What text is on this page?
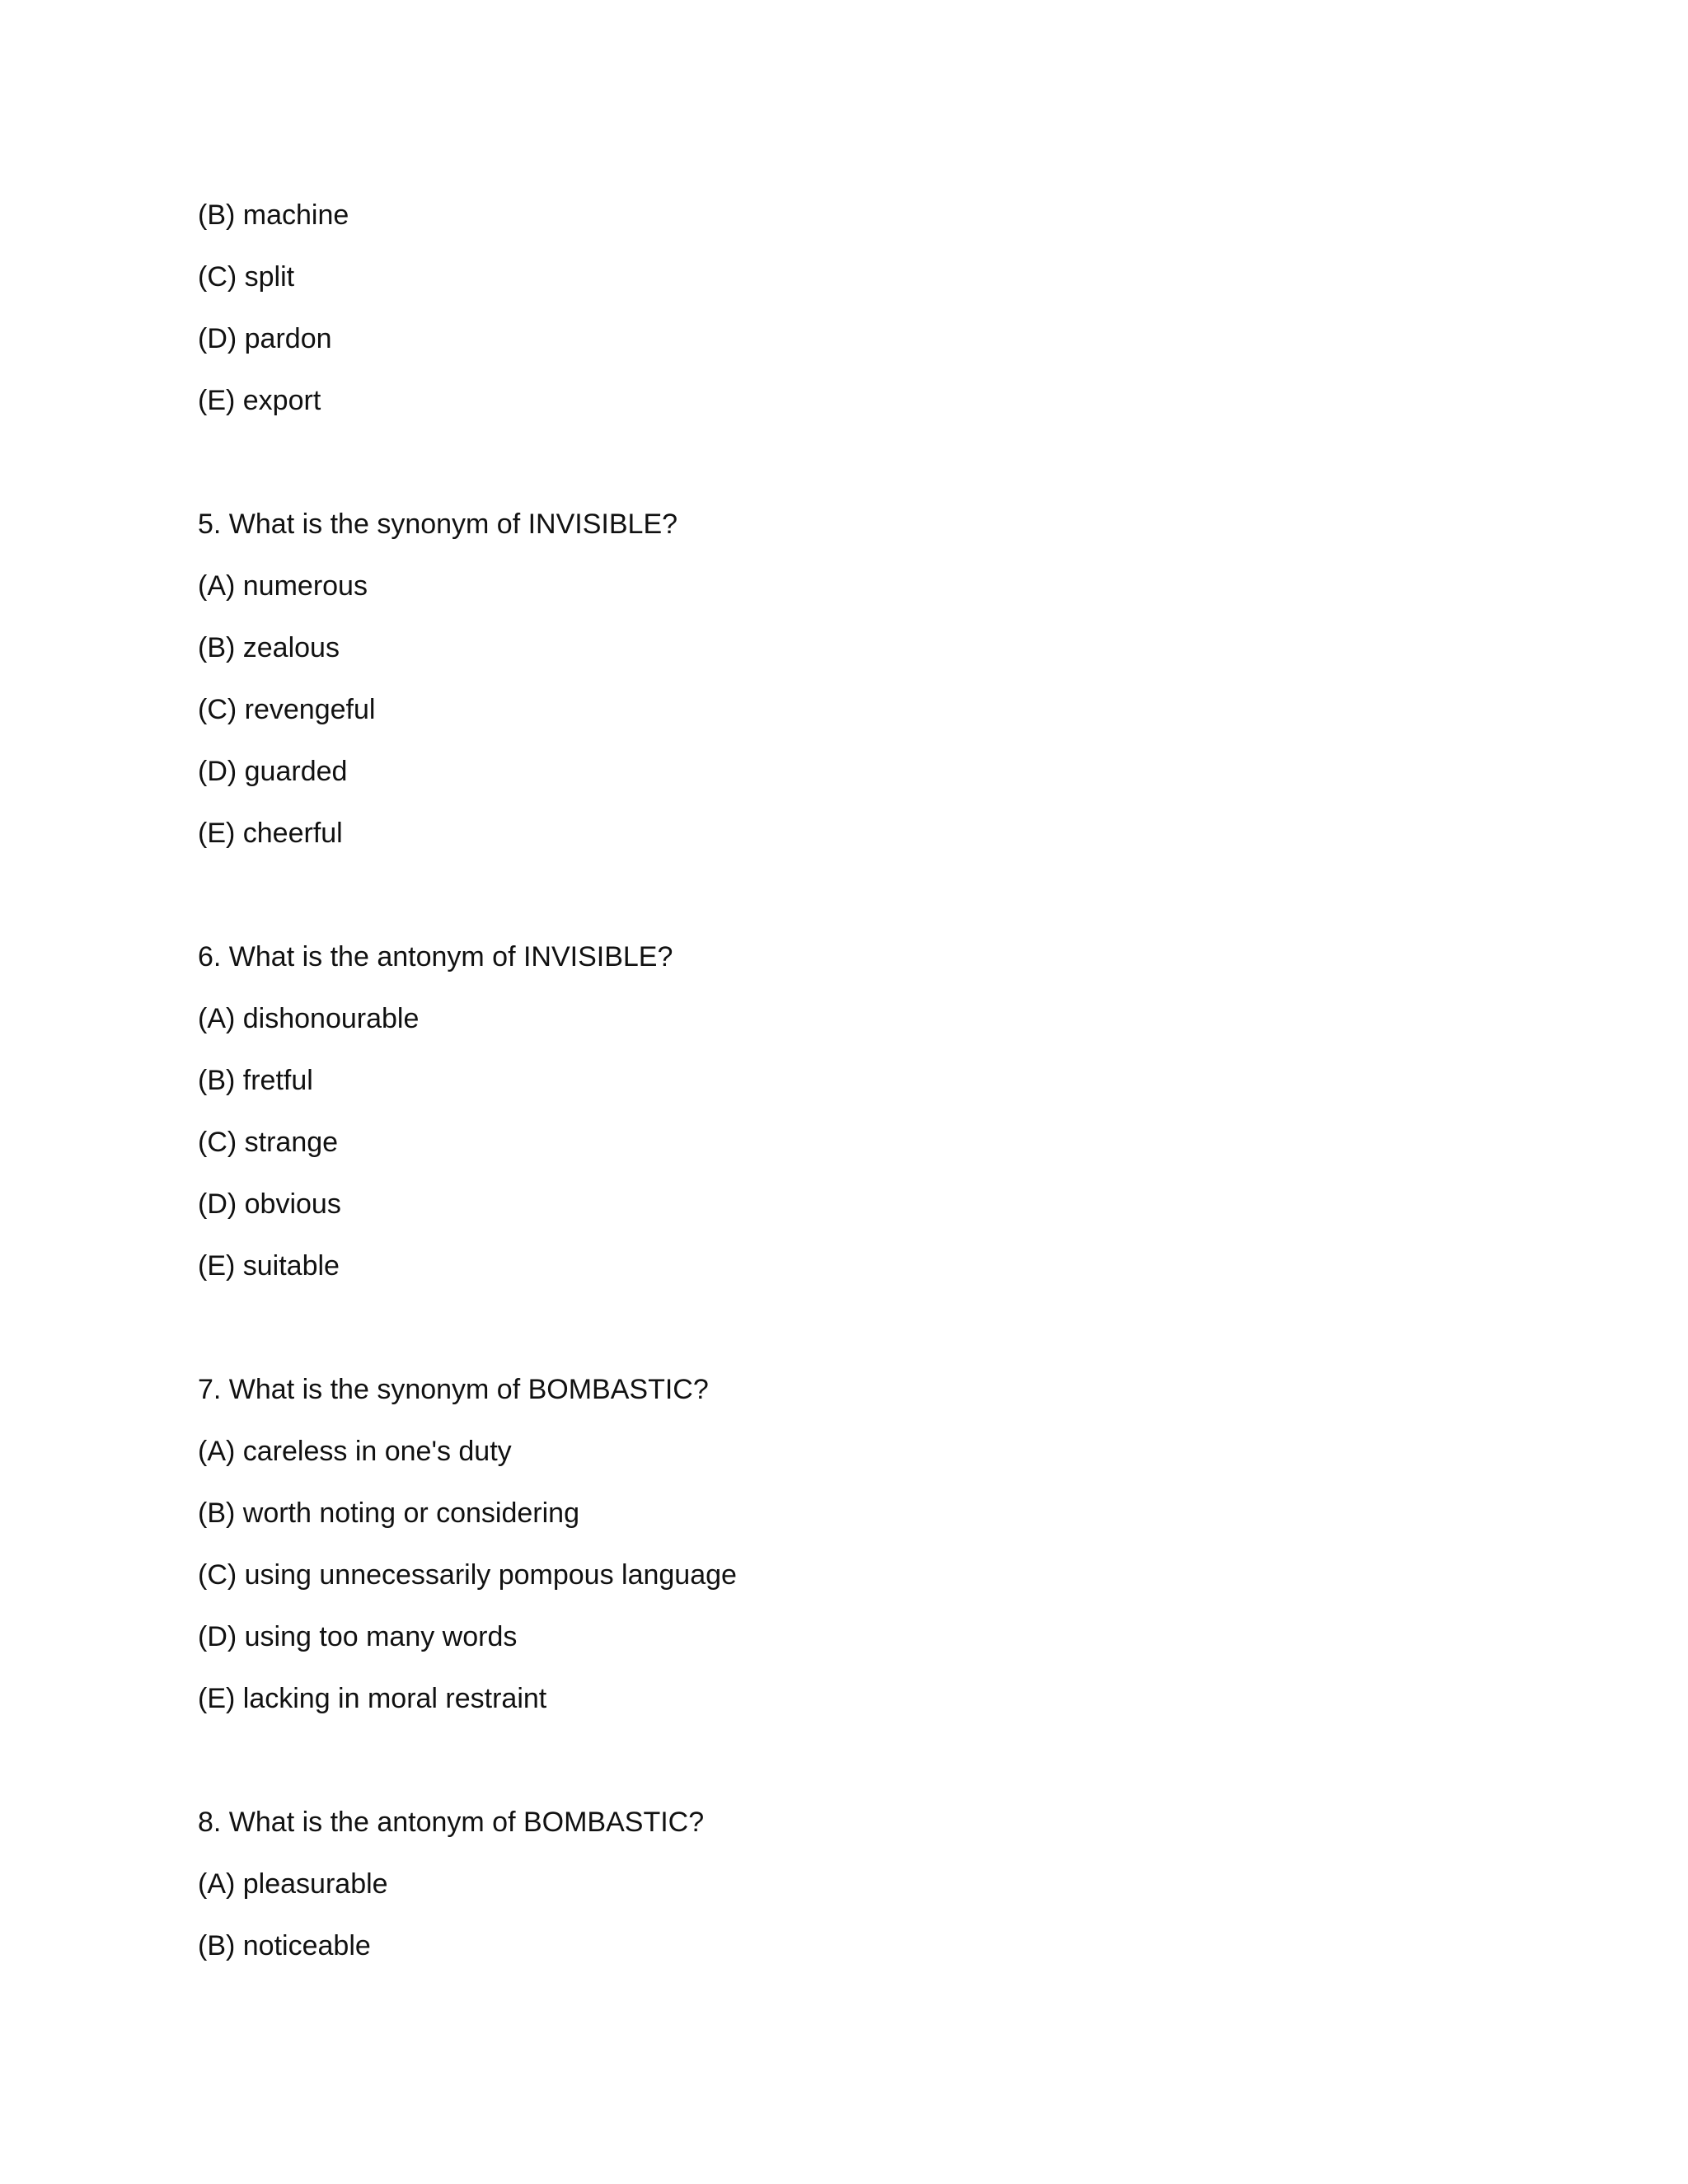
(B) machine
(C) split
(D) pardon
(E) export
5. What is the synonym of INVISIBLE?
(A) numerous
(B) zealous
(C) revengeful
(D) guarded
(E) cheerful
6. What is the antonym of INVISIBLE?
(A) dishonourable
(B) fretful
(C) strange
(D) obvious
(E) suitable
7. What is the synonym of BOMBASTIC?
(A) careless in one's duty
(B) worth noting or considering
(C) using unnecessarily pompous language
(D) using too many words
(E) lacking in moral restraint
8. What is the antonym of BOMBASTIC?
(A) pleasurable
(B) noticeable
